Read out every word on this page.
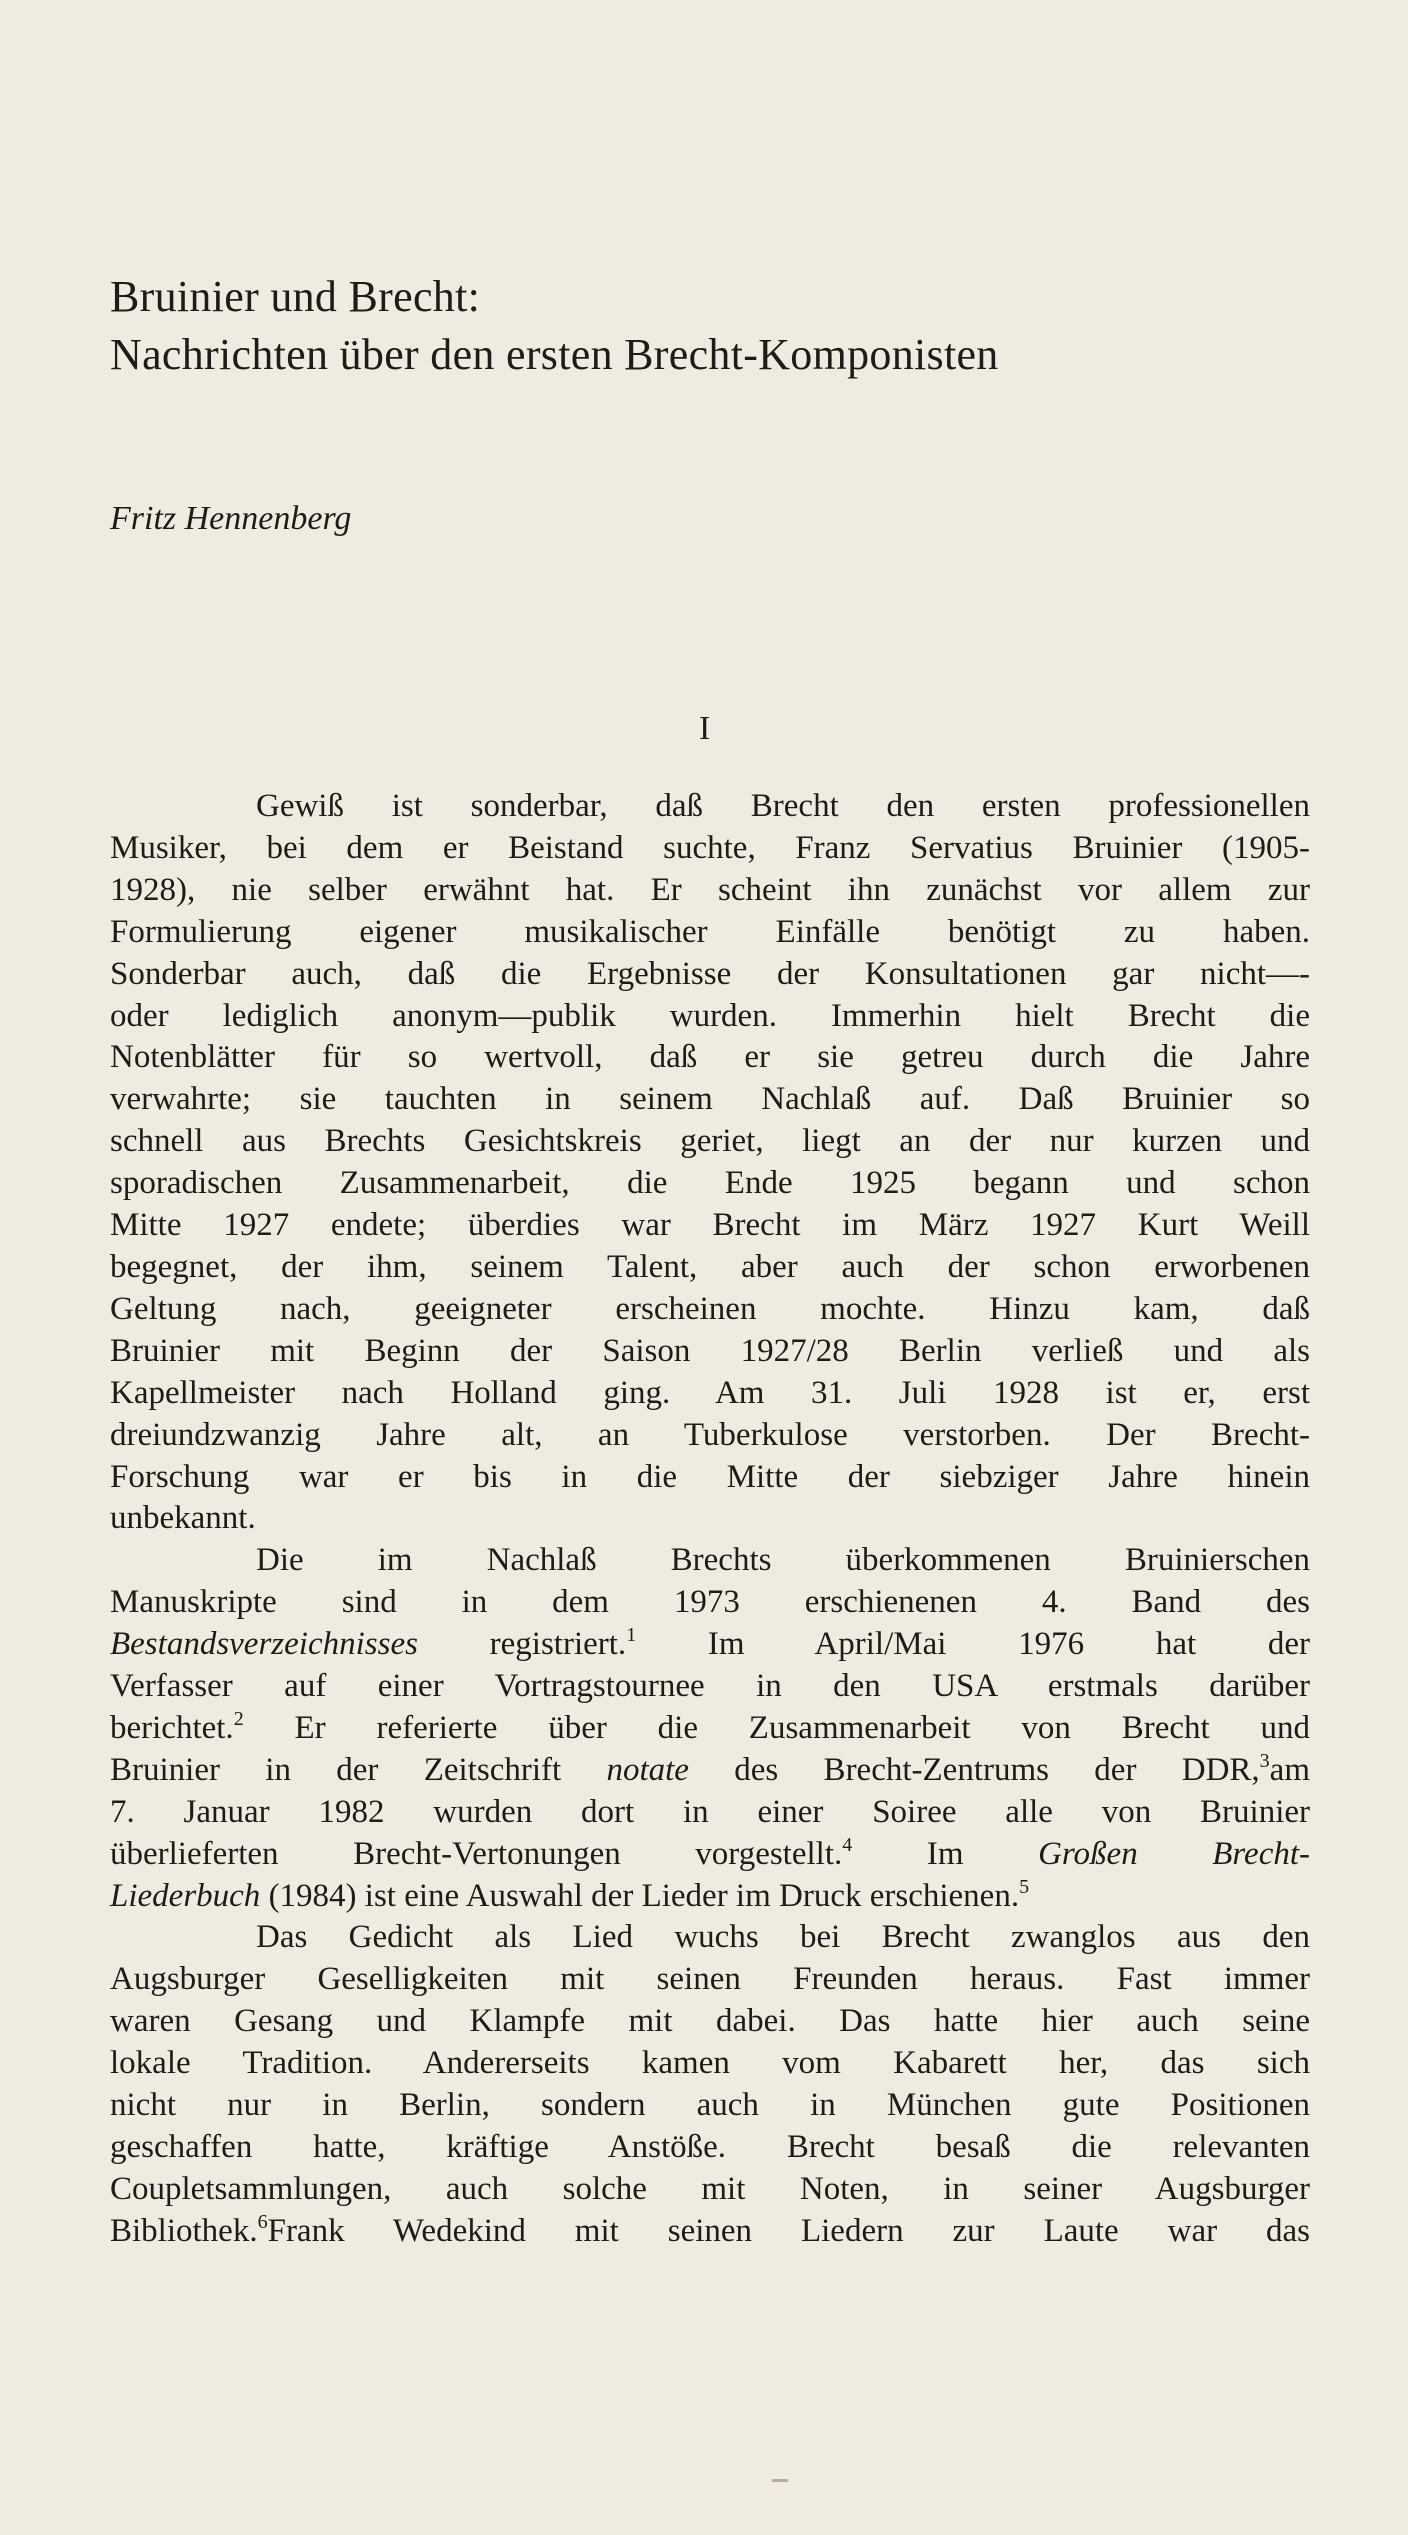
Bruinier und Brecht:
Nachrichten über den ersten Brecht-Komponisten

Fritz Hennenberg

I

Gewiß ist sonderbar, daß Brecht den ersten professionellen
Musiker, bei dem er Beistand suchte, Franz Servatius Bruinier (1905-
1928), nie selber erwähnt hat. Er scheint ihn zunächst vor allem zur
Formulierung eigener musikalischer Einfälle benötigt zu haben.
Sonderbar auch, daß die Ergebnisse der Konsultationen gar nicht—-
oder lediglich anonym—publik wurden. Immerhin hielt Brecht die
Notenblätter für so wertvoll, daß er sie getreu durch die Jahre
verwahrte; sie tauchten in seinem Nachlaß auf. Daß Bruinier so
schnell aus Brechts Gesichtskreis geriet, liegt an der nur kurzen und
sporadischen Zusammenarbeit, die Ende 1925 begann und schon
Mitte 1927 endete; überdies war Brecht im März 1927 Kurt Weill
begegnet, der ihm, seinem Talent, aber auch der schon erworbenen
Geltung nach, geeigneter erscheinen mochte. Hinzu kam, daß
Bruinier mit Beginn der Saison 1927/28 Berlin verließ und als
Kapellmeister nach Holland ging. Am 31. Juli 1928 ist er, erst
dreiundzwanzig Jahre alt, an Tuberkulose verstorben. Der Brecht-
Forschung war er bis in die Mitte der siebziger Jahre hinein
unbekannt.

Die im Nachlaß Brechts überkommenen Bruinierschen
Manuskripte sind in dem 1973 erschienenen 4. Band des
Bestandsverzeichnisses registriert.$^1$ Im April/Mai 1976 hat der
Verfasser auf einer Vortragstournee in den USA erstmals darüber
berichtet.$^2$ Er referierte über die Zusammenarbeit von Brecht und
Bruinier in der Zeitschrift notate des Brecht-Zentrums der DDR,$^3$am
7. Januar 1982 wurden dort in einer Soiree alle von Bruinier
überlieferten Brecht-Vertonungen vorgestellt.$^4$ Im Großen Brecht-
Liederbuch (1984) ist eine Auswahl der Lieder im Druck erschienen.$^5$

Das Gedicht als Lied wuchs bei Brecht zwanglos aus den
Augsburger Geselligkeiten mit seinen Freunden heraus. Fast immer
waren Gesang und Klampfe mit dabei. Das hatte hier auch seine
lokale Tradition. Andererseits kamen vom Kabarett her, das sich
nicht nur in Berlin, sondern auch in München gute Positionen
geschaffen hatte, kräftige Anstöße. Brecht besaß die relevanten
Coupletsammlungen, auch solche mit Noten, in seiner Augsburger
Bibliothek.$^6$Frank Wedekind mit seinen Liedern zur Laute war das
